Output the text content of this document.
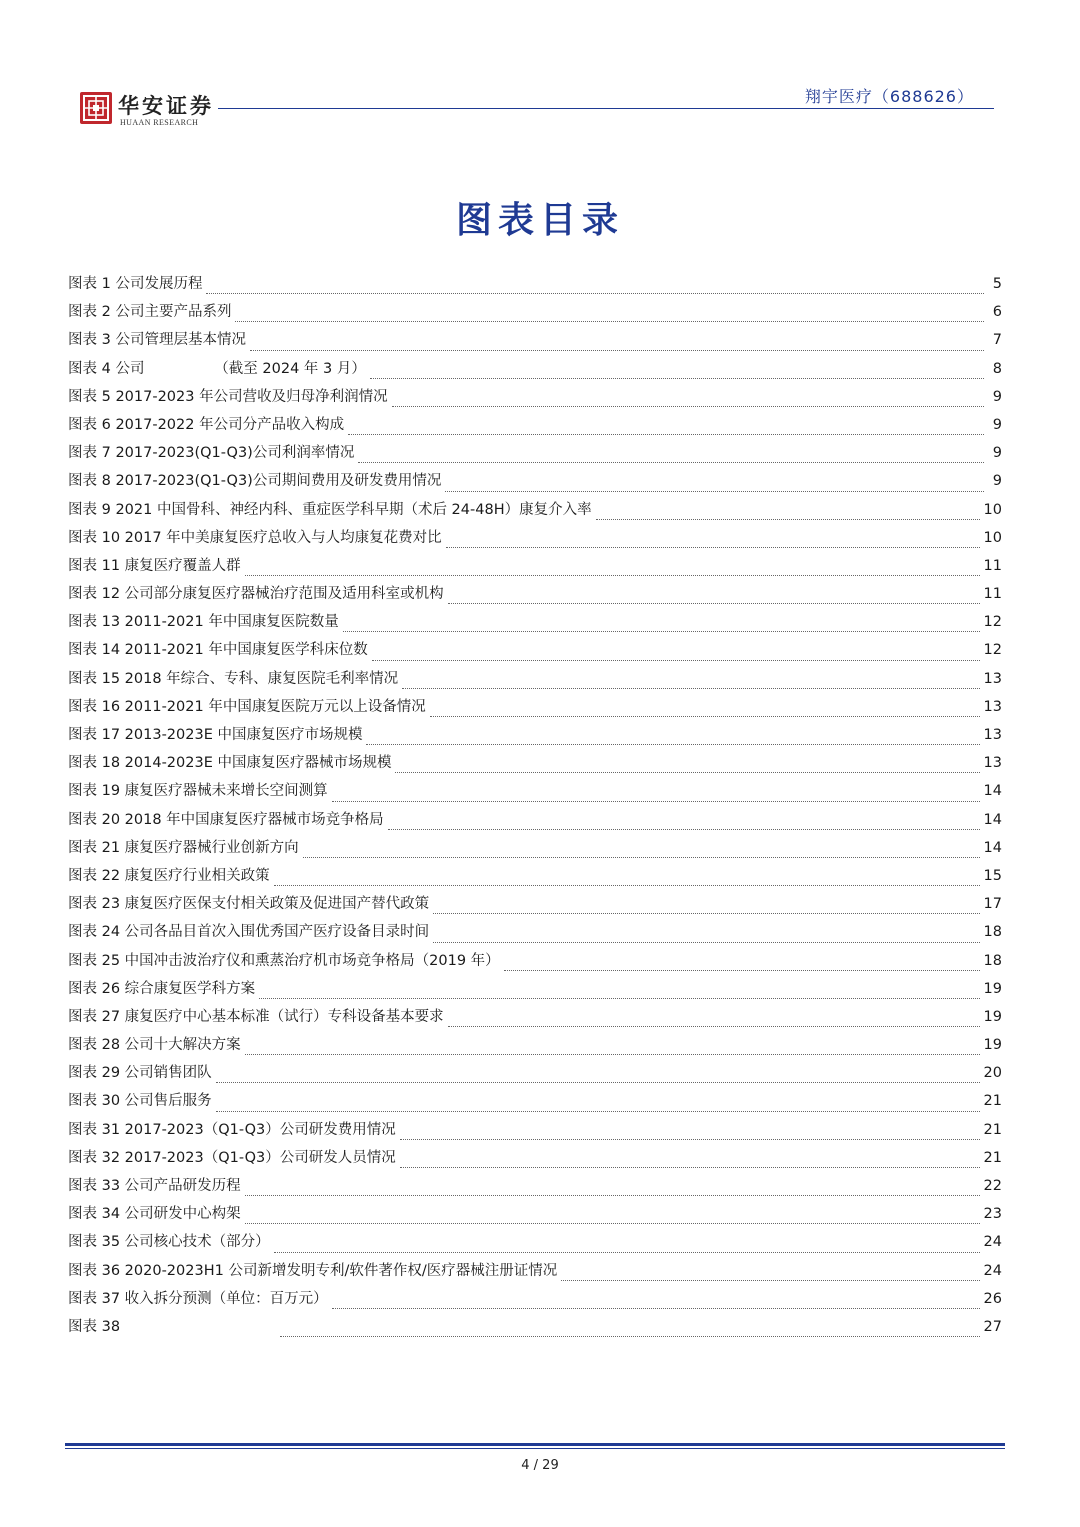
华安证券
HUAAN RESEARCH
翔宇医疗（688626）
图表目录
图表 1 公司发展历程	5
图表 2 公司主要产品系列	6
图表 3 公司管理层基本情况	7
图表 4 公司 　　　　　（截至 2024 年 3 月）	8
图表 5 2017-2023 年公司营收及归母净利润情况	9
图表 6 2017-2022 年公司分产品收入构成	9
图表 7 2017-2023(Q1-Q3)公司利润率情况	9
图表 8 2017-2023(Q1-Q3)公司期间费用及研发费用情况	9
图表 9 2021 中国骨科、神经内科、重症医学科早期（术后 24-48H）康复介入率	10
图表 10 2017 年中美康复医疗总收入与人均康复花费对比	10
图表 11 康复医疗覆盖人群	11
图表 12 公司部分康复医疗器械治疗范围及适用科室或机构	11
图表 13 2011-2021 年中国康复医院数量	12
图表 14 2011-2021 年中国康复医学科床位数	12
图表 15 2018 年综合、专科、康复医院毛利率情况	13
图表 16 2011-2021 年中国康复医院万元以上设备情况	13
图表 17 2013-2023E 中国康复医疗市场规模	13
图表 18 2014-2023E 中国康复医疗器械市场规模	13
图表 19 康复医疗器械未来增长空间测算	14
图表 20 2018 年中国康复医疗器械市场竞争格局	14
图表 21 康复医疗器械行业创新方向	14
图表 22 康复医疗行业相关政策	15
图表 23 康复医疗医保支付相关政策及促进国产替代政策	17
图表 24 公司各品目首次入围优秀国产医疗设备目录时间	18
图表 25 中国冲击波治疗仪和熏蒸治疗机市场竞争格局（2019 年）	18
图表 26 综合康复医学科方案	19
图表 27 康复医疗中心基本标准（试行）专科设备基本要求	19
图表 28 公司十大解决方案	19
图表 29 公司销售团队	20
图表 30 公司售后服务	21
图表 31 2017-2023（Q1-Q3）公司研发费用情况	21
图表 32 2017-2023（Q1-Q3）公司研发人员情况	21
图表 33 公司产品研发历程	22
图表 34 公司研发中心构架	23
图表 35 公司核心技术（部分）	24
图表 36 2020-2023H1 公司新增发明专利/软件著作权/医疗器械注册证情况	24
图表 37 收入拆分预测（单位：百万元）	26
图表 38	27
4 / 29
